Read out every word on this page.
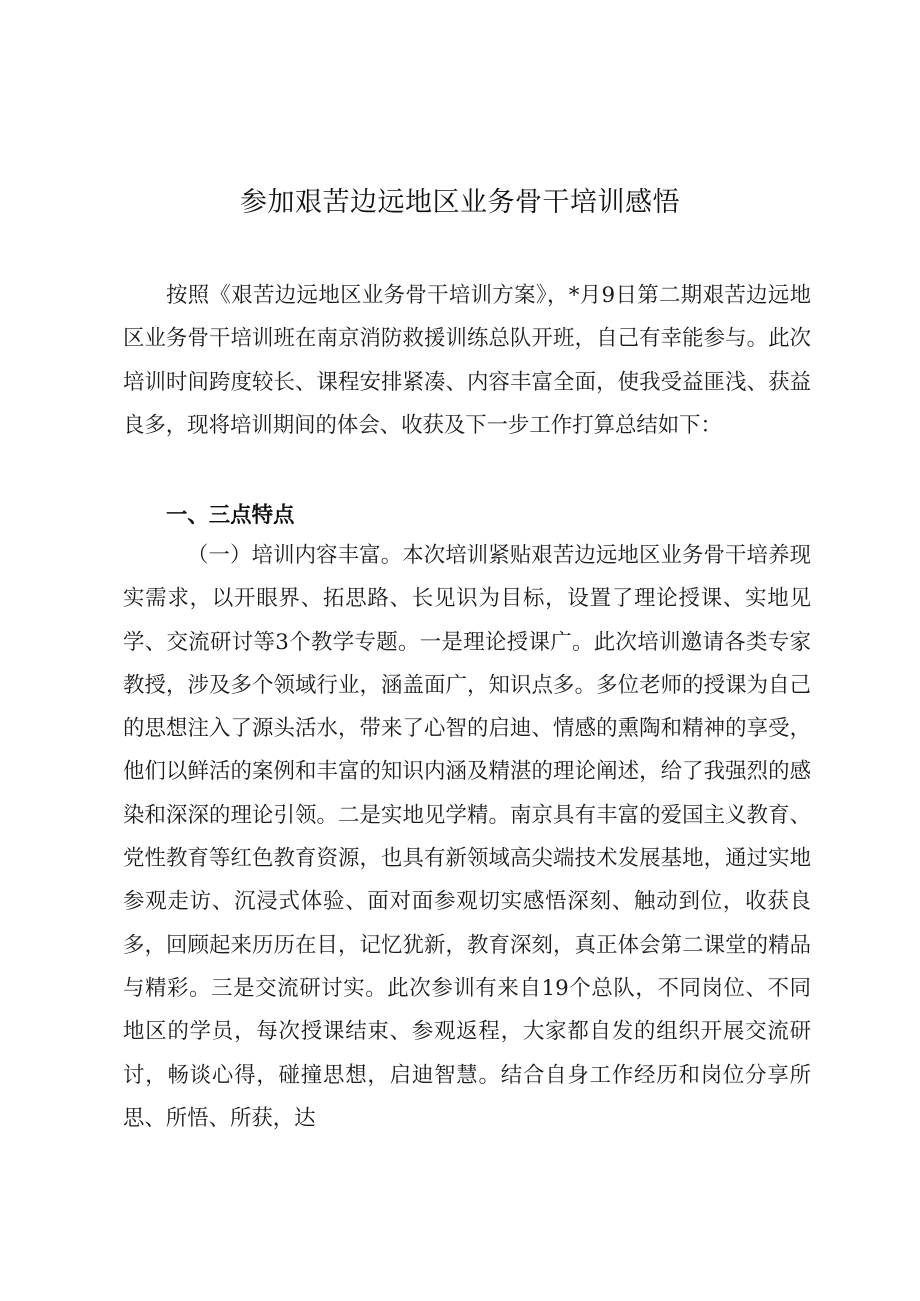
参加艰苦边远地区业务骨干培训感悟
按照《艰苦边远地区业务骨干培训方案》，*月9日第二期艰苦边远地区业务骨干培训班在南京消防救援训练总队开班，自己有幸能参与。此次培训时间跨度较长、课程安排紧凑、内容丰富全面，使我受益匪浅、获益良多，现将培训期间的体会、收获及下一步工作打算总结如下：
一、三点特点
（一）培训内容丰富。本次培训紧贴艰苦边远地区业务骨干培养现实需求，以开眼界、拓思路、长见识为目标，设置了理论授课、实地见学、交流研讨等3个教学专题。一是理论授课广。此次培训邀请各类专家教授，涉及多个领域行业，涵盖面广，知识点多。多位老师的授课为自己的思想注入了源头活水，带来了心智的启迪、情感的熏陶和精神的享受，他们以鲜活的案例和丰富的知识内涵及精湛的理论阐述，给了我强烈的感染和深深的理论引领。二是实地见学精。南京具有丰富的爱国主义教育、党性教育等红色教育资源，也具有新领域高尖端技术发展基地，通过实地参观走访、沉浸式体验、面对面参观切实感悟深刻、触动到位，收获良多，回顾起来历历在目，记忆犹新，教育深刻，真正体会第二课堂的精品与精彩。三是交流研讨实。此次参训有来自19个总队，不同岗位、不同地区的学员，每次授课结束、参观返程，大家都自发的组织开展交流研讨，畅谈心得，碰撞思想，启迪智慧。结合自身工作经历和岗位分享所思、所悟、所获，达
